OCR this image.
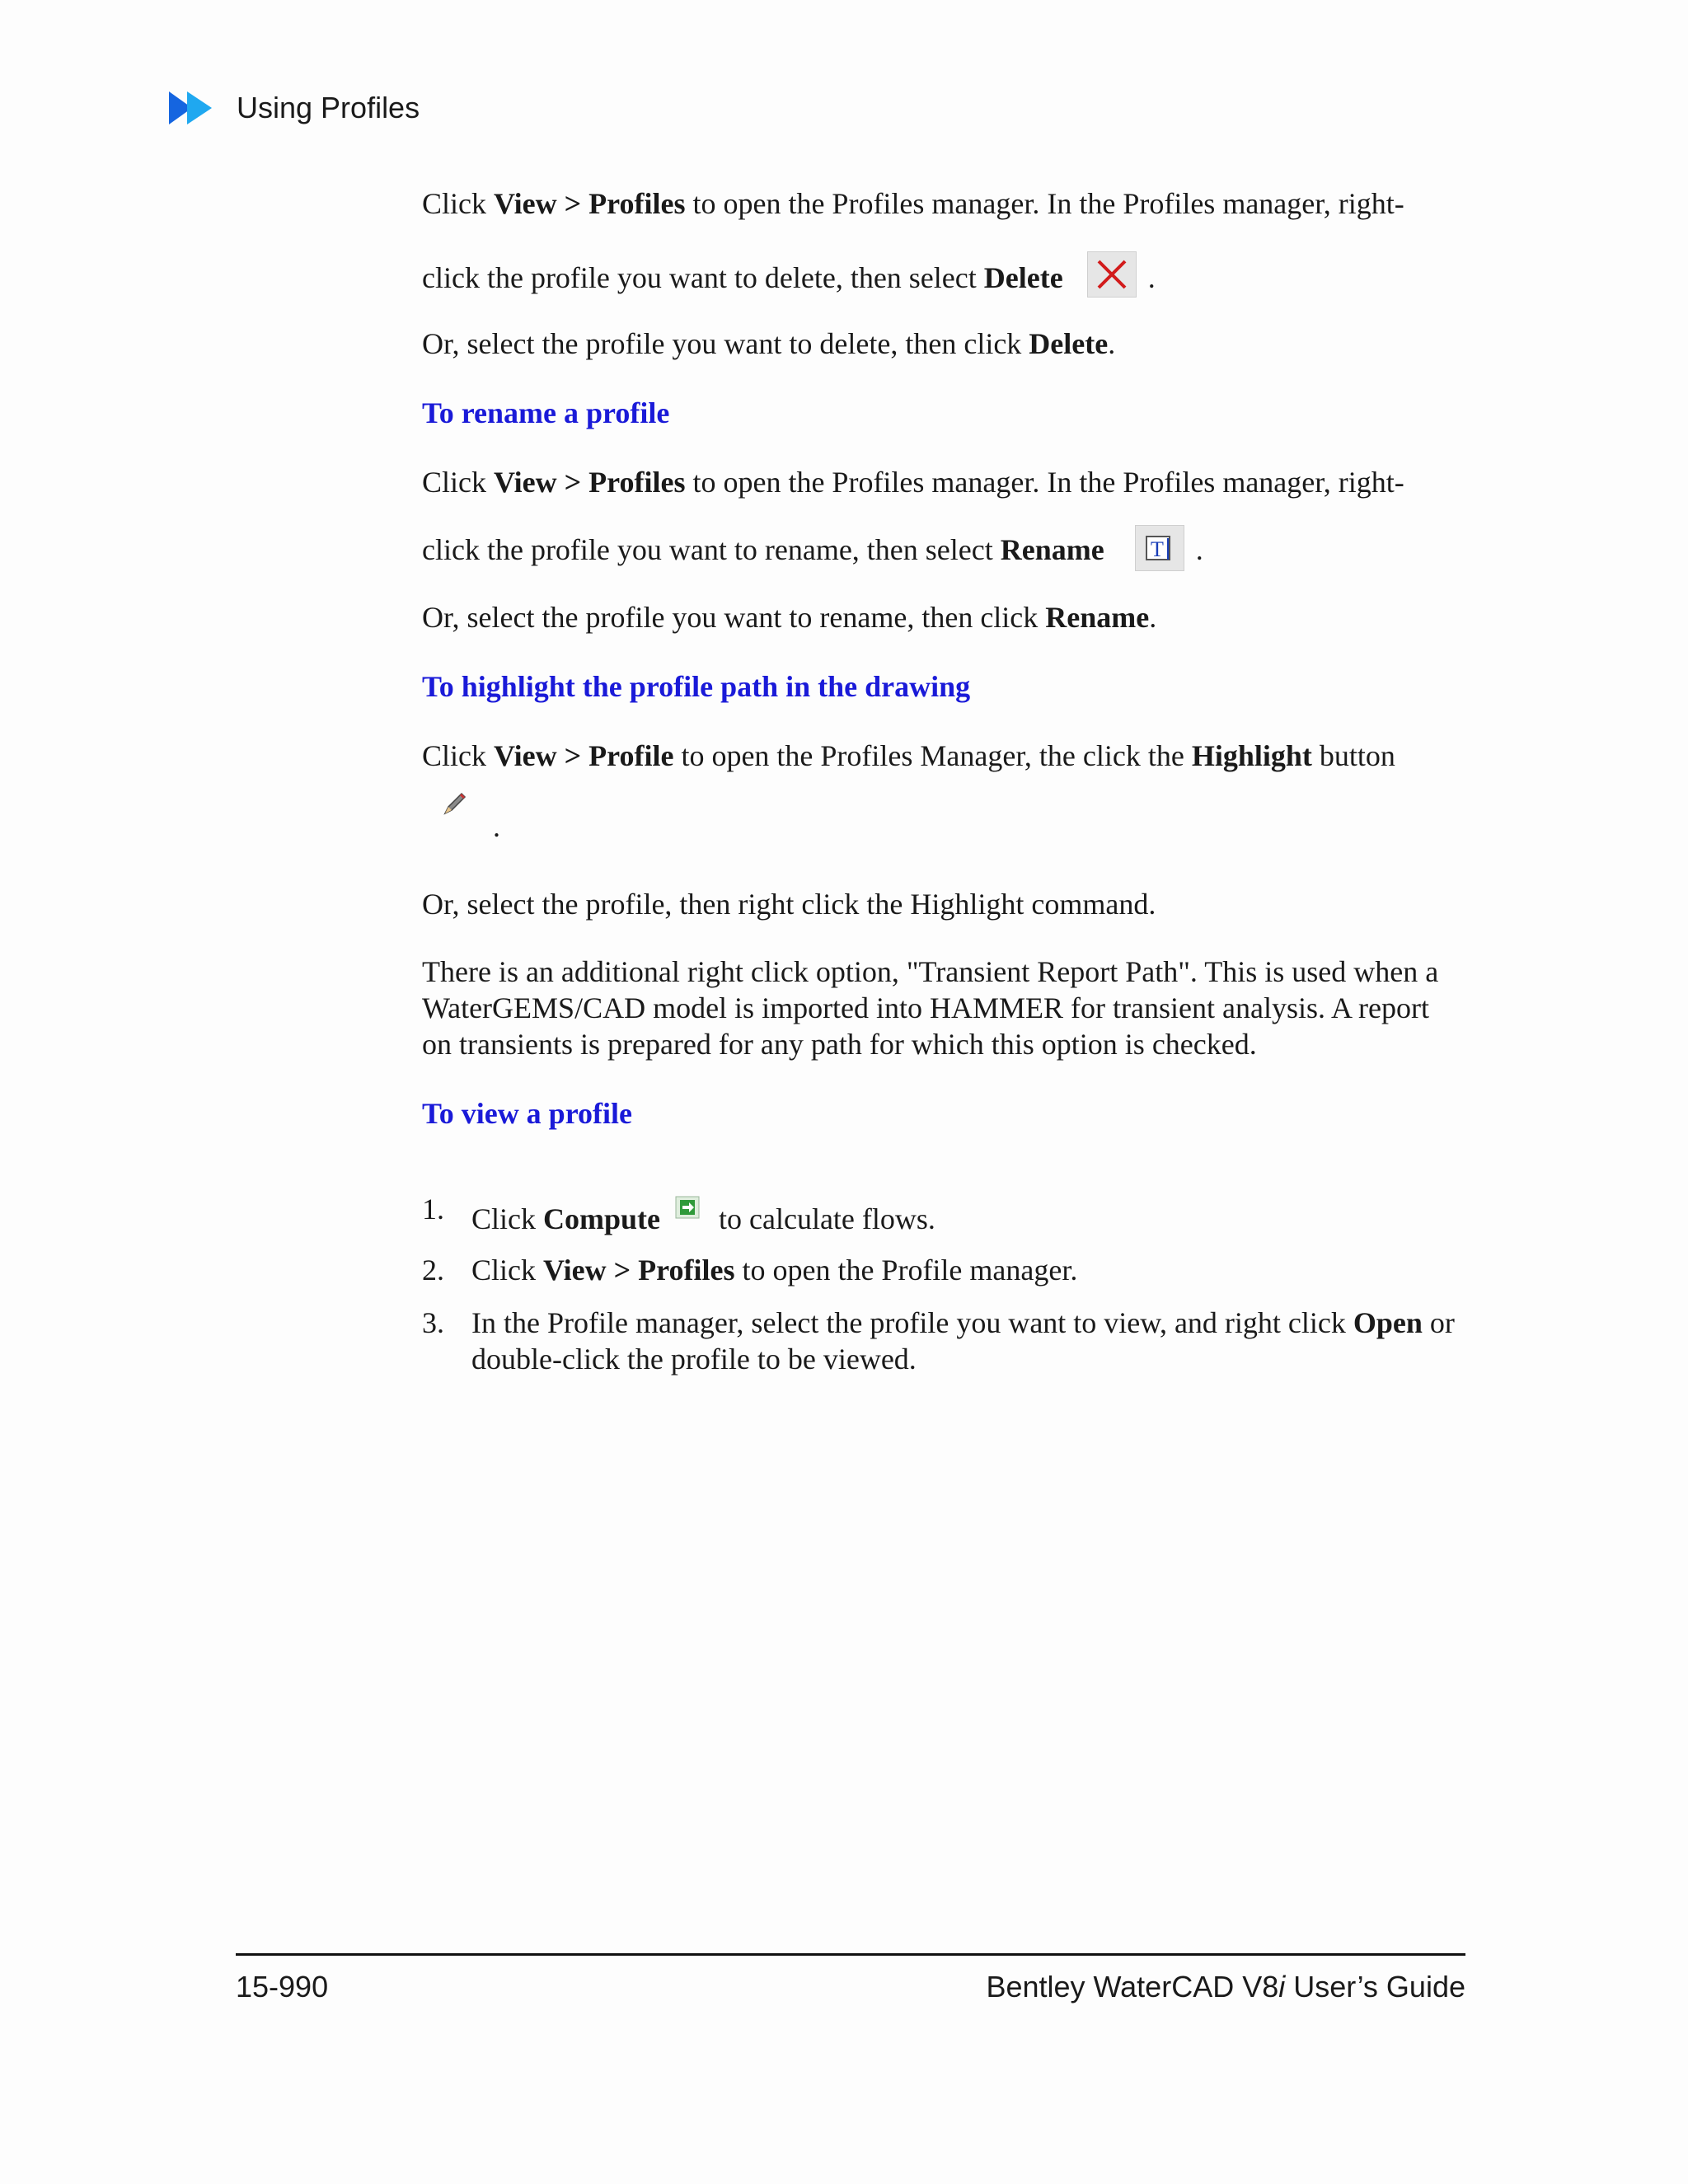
Using Profiles

Click View > Profiles to open the Profiles manager. In the Profiles manager, right-

click the profile you want to delete, then select Delete	.

Or, select the profile you want to delete, then click Delete.

To rename a profile

Click View > Profiles to open the Profiles manager. In the Profiles manager, right-

click the profile you want to rename, then select Rename T .

Or, select the profile you want to rename, then click Rename.

To highlight the profile path in the drawing

Click View > Profile to open the Profiles Manager, the click the Highlight button

.

Or, select the profile, then right click the Highlight command.

There is an additional right click option, "Transient Report Path". This is used when a WaterGEMS/CAD model is imported into HAMMER for transient analysis. A report on transients is prepared for any path for which this option is checked.

To view a profile

1. Click Compute to calculate flows.
2. Click View > Profiles to open the Profile manager.
3. In the Profile manager, select the profile you want to view, and right click Open or double-click the profile to be viewed.
15-990	Bentley WaterCAD V8i User’s Guide
